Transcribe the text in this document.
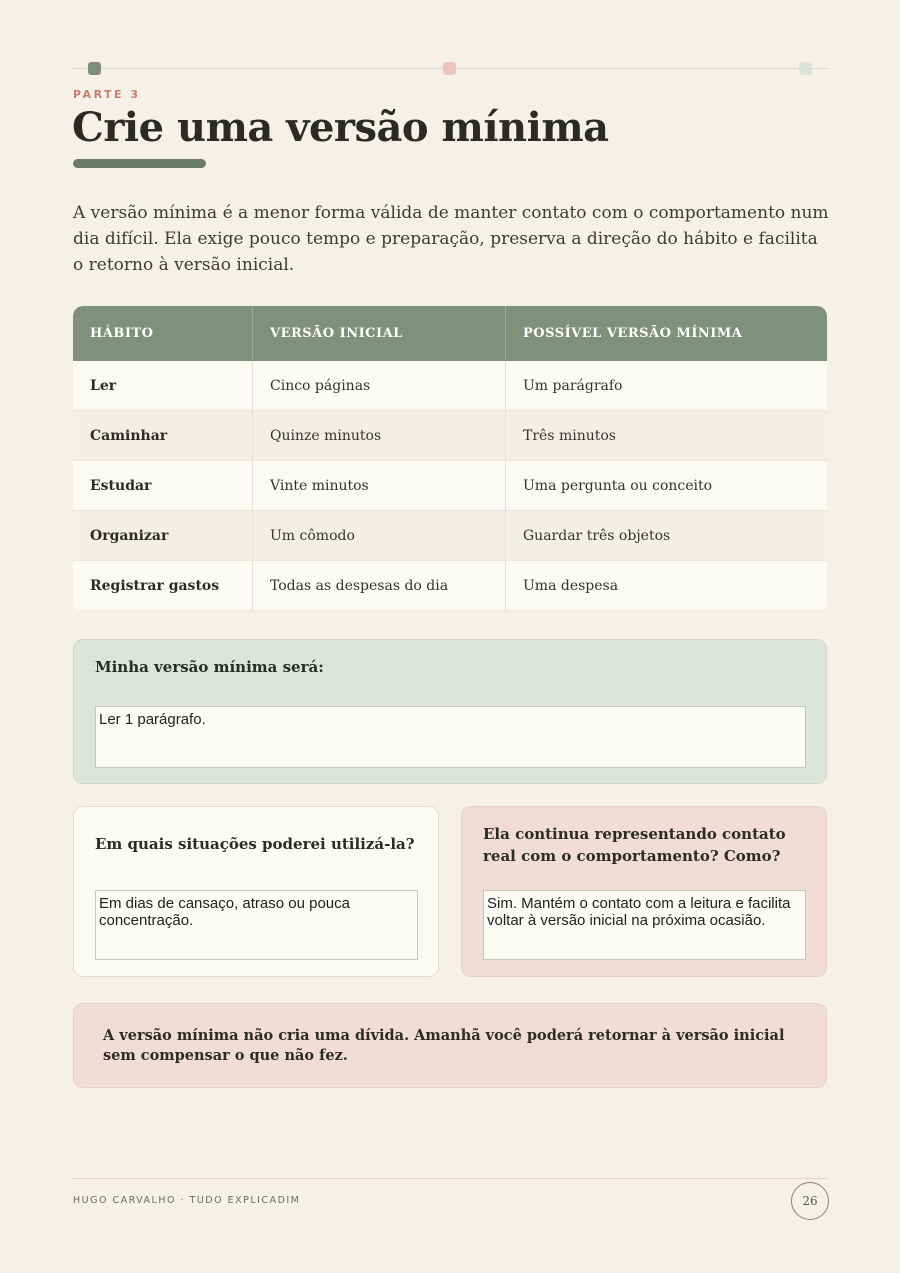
PARTE 3
Crie uma versão mínima

A versão mínima é a menor forma válida de manter contato com o comportamento num dia difícil. Ela exige pouco tempo e preparação, preserva a direção do hábito e facilita o retorno à versão inicial.

HÁBITO	VERSÃO INICIAL	POSSÍVEL VERSÃO MÍNIMA
Ler	Cinco páginas	Um parágrafo
Caminhar	Quinze minutos	Três minutos
Estudar	Vinte minutos	Uma pergunta ou conceito
Organizar	Um cômodo	Guardar três objetos
Registrar gastos	Todas as despesas do dia	Uma despesa
Minha versão mínima será:
Ler 1 parágrafo.
Em quais situações poderei utilizá-la?
Em dias de cansaço, atraso ou pouca concentração.
Ela continua representando contato real com o comportamento? Como?
Sim. Mantém o contato com a leitura e facilita voltar à versão inicial na próxima ocasião.
A versão mínima não cria uma dívida. Amanhã você poderá retornar à versão inicial sem compensar o que não fez.
HUGO CARVALHO · TUDO EXPLICADIM	26
